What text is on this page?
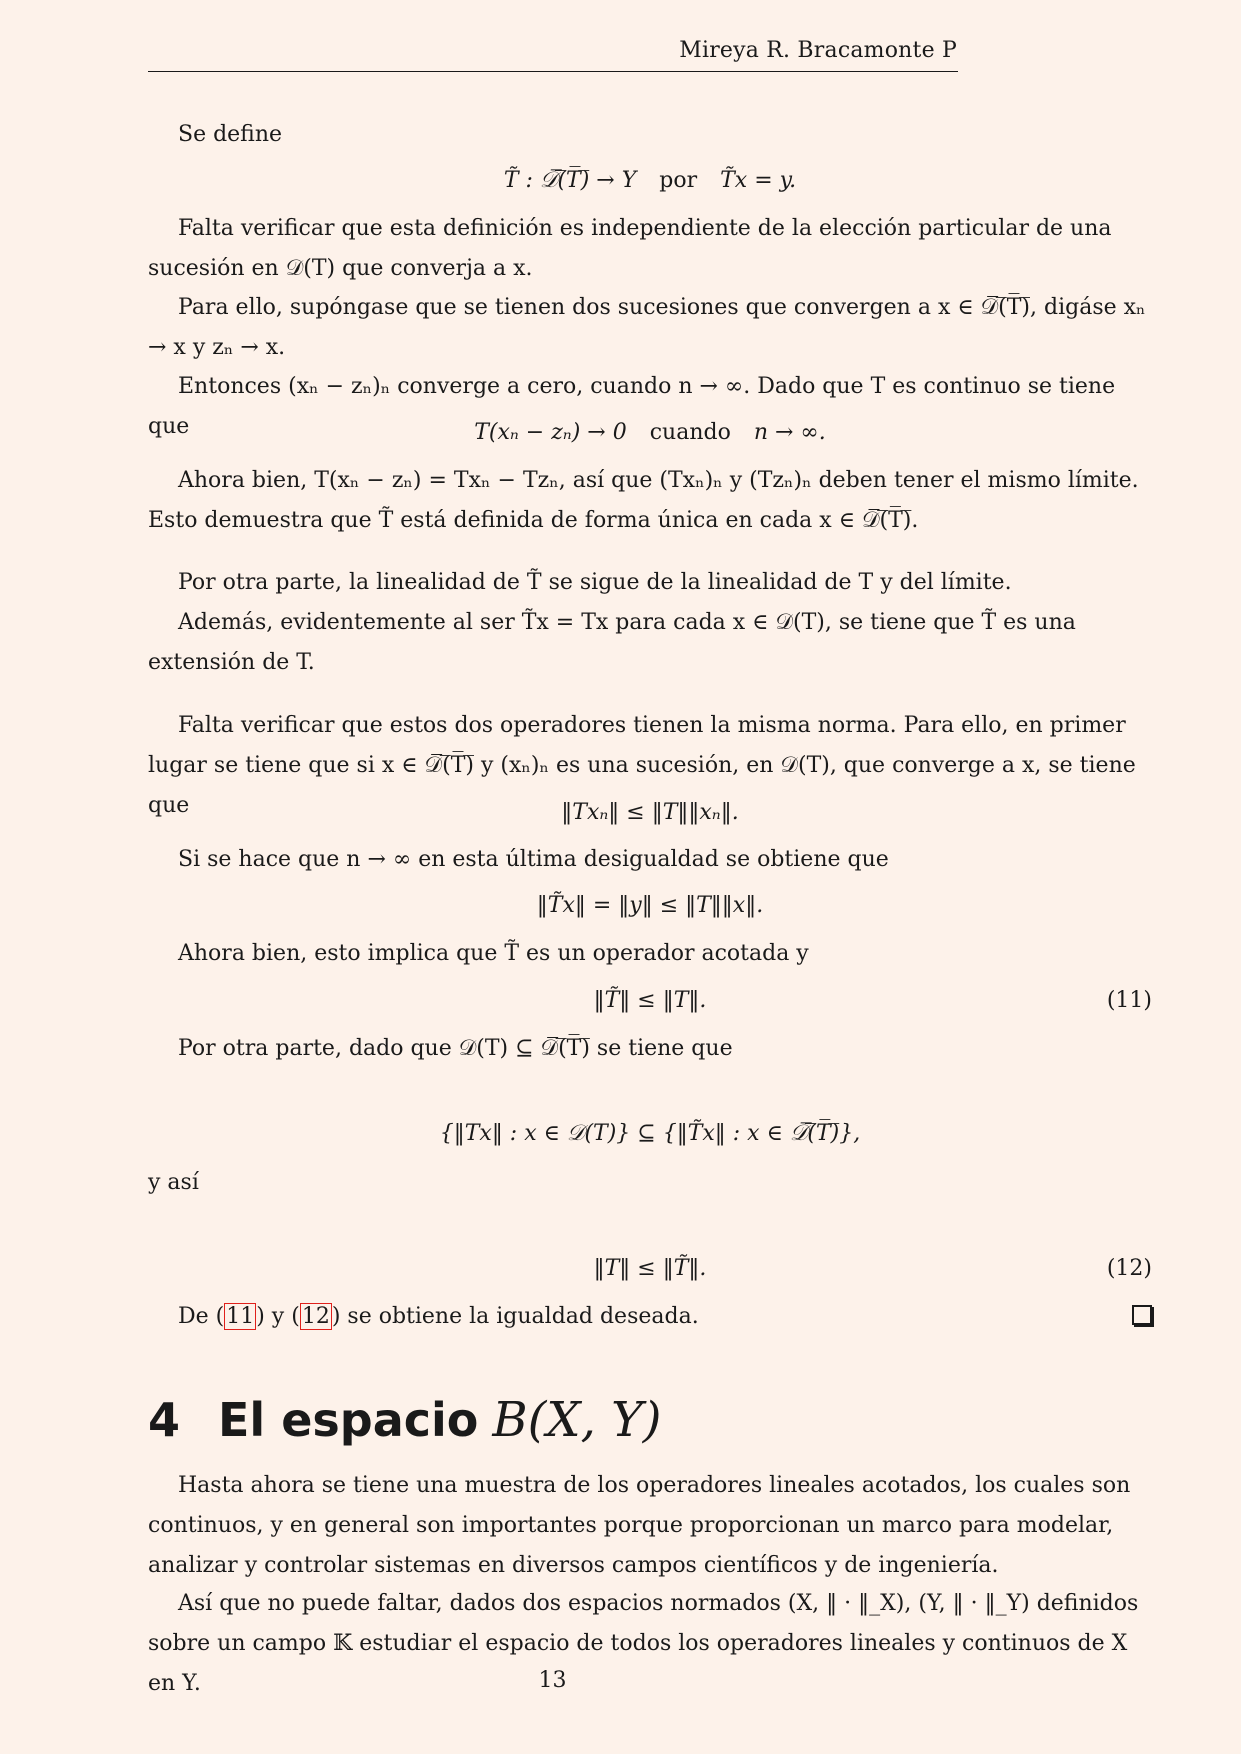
Mireya R. Bracamonte P

Se define

T̃ : 𝒟̅(̅T̅)̅ → Y por T̃x = y.

Falta verificar que esta definición es independiente de la elección particular de una sucesión en 𝒟(T) que converja a x.

Para ello, supóngase que se tienen dos sucesiones que convergen a x ∈ 𝒟̅(̅T̅)̅, digáse xₙ → x y zₙ → x.

Entonces (xₙ − zₙ)ₙ converge a cero, cuando n → ∞. Dado que T es continuo se tiene que	T(xₙ − zₙ) → 0 cuando n → ∞.

Ahora bien, T(xₙ − zₙ) = Txₙ − Tzₙ, así que (Txₙ)ₙ y (Tzₙ)ₙ deben tener el mismo límite. Esto demuestra que T̃ está definida de forma única en cada x ∈ 𝒟̅(̅T̅)̅.

Por otra parte, la linealidad de T̃ se sigue de la linealidad de T y del límite.

Además, evidentemente al ser T̃x = Tx para cada x ∈ 𝒟(T), se tiene que T̃ es una extensión de T.

Falta verificar que estos dos operadores tienen la misma norma. Para ello, en primer lugar se tiene que si x ∈ 𝒟̅(̅T̅)̅ y (xₙ)ₙ es una sucesión, en 𝒟(T), que converge a x, se tiene que	‖Txₙ‖ ≤ ‖T‖‖xₙ‖.

Si se hace que n → ∞ en esta última desigualdad se obtiene que

‖T̃x‖ = ‖y‖ ≤ ‖T‖‖x‖.

Ahora bien, esto implica que T̃ es un operador acotada y

‖T̃‖ ≤ ‖T‖.	(11)

Por otra parte, dado que 𝒟(T) ⊆ 𝒟̅(̅T̅)̅ se tiene que

{‖Tx‖ : x ∈ 𝒟(T)} ⊆ {‖T̃x‖ : x ∈ 𝒟̅(̅T̅)̅},

y así

‖T‖ ≤ ‖T̃‖.	(12)
De (11) y (12) se obtiene la igualdad deseada.
4 El espacio B(X, Y)

Hasta ahora se tiene una muestra de los operadores lineales acotados, los cuales son continuos, y en general son importantes porque proporcionan un marco para modelar, analizar y controlar sistemas en diversos campos científicos y de ingeniería.

Así que no puede faltar, dados dos espacios normados (X, ‖ · ‖_X), (Y, ‖ · ‖_Y) definidos sobre un campo 𝕂 estudiar el espacio de todos los operadores lineales y continuos de X en Y.	13
